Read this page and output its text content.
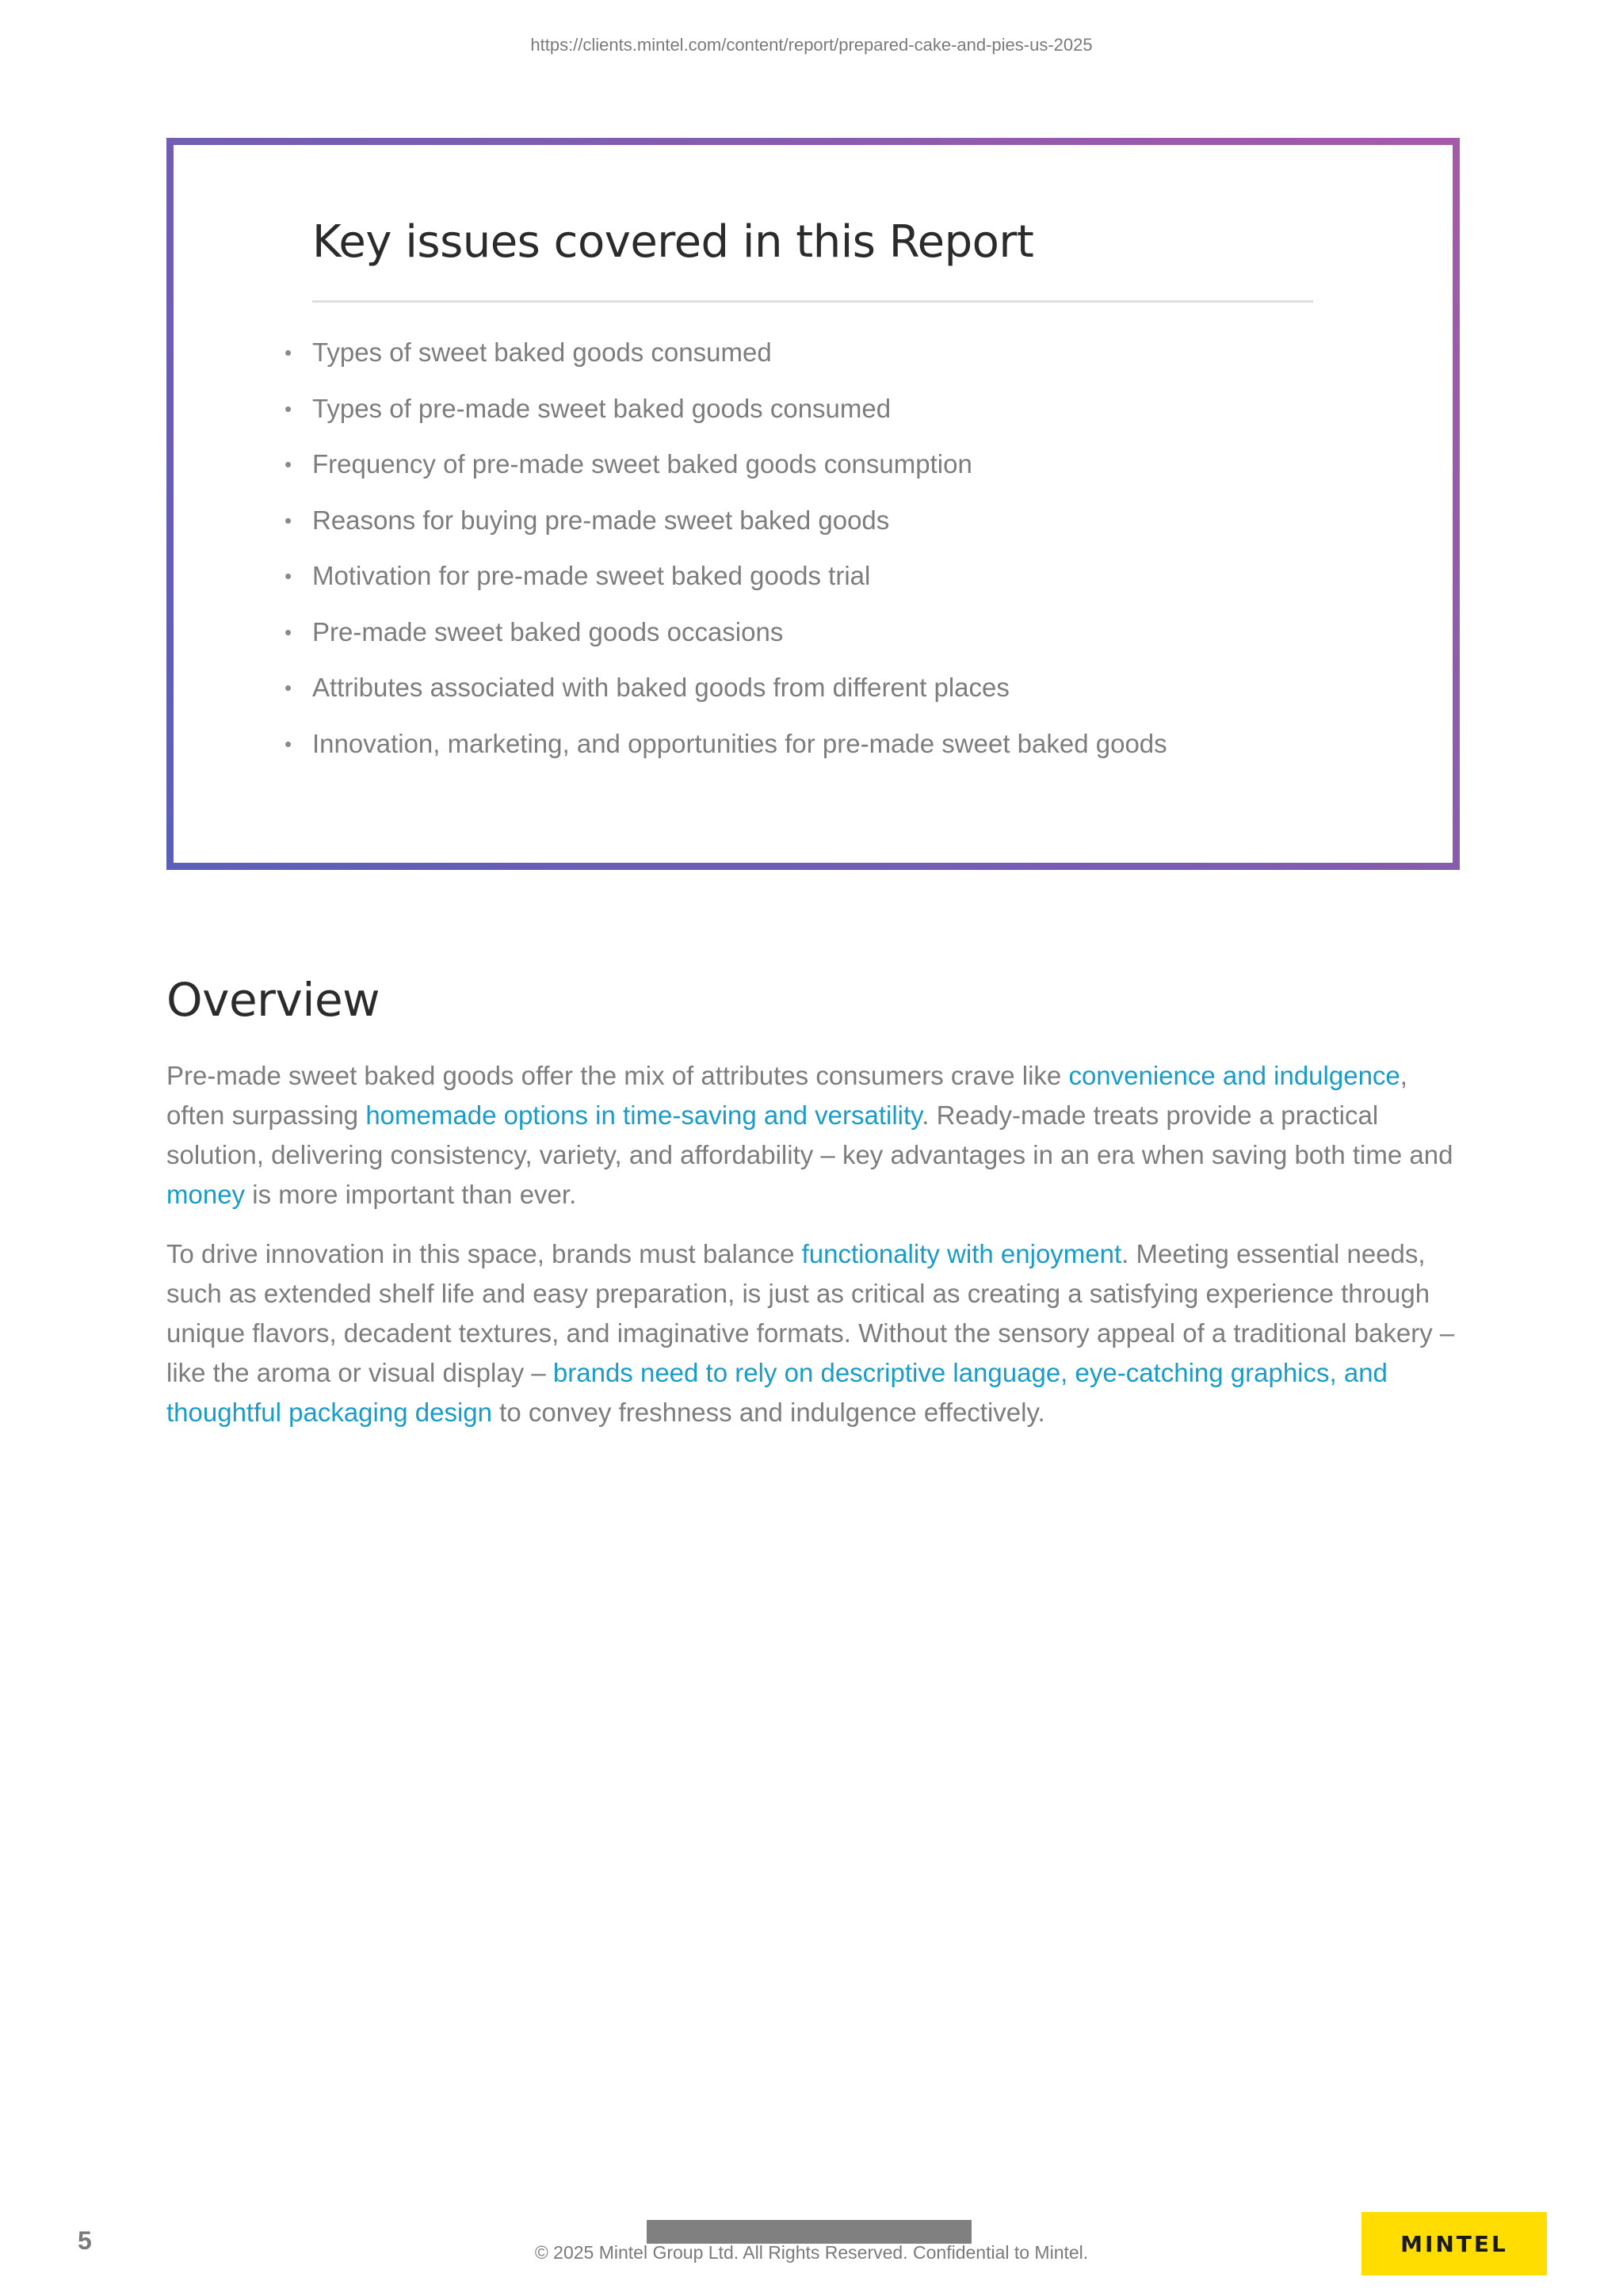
https://clients.mintel.com/content/report/prepared-cake-and-pies-us-2025
Key issues covered in this Report
• Types of sweet baked goods consumed
• Types of pre-made sweet baked goods consumed
• Frequency of pre-made sweet baked goods consumption
• Reasons for buying pre-made sweet baked goods
• Motivation for pre-made sweet baked goods trial
• Pre-made sweet baked goods occasions
• Attributes associated with baked goods from different places
• Innovation, marketing, and opportunities for pre-made sweet baked goods
Overview

Pre-made sweet baked goods offer the mix of attributes consumers crave like convenience and indulgence, often surpassing homemade options in time-saving and versatility. Ready-made treats provide a practical solution, delivering consistency, variety, and affordability – key advantages in an era when saving both time and money is more important than ever.

To drive innovation in this space, brands must balance functionality with enjoyment. Meeting essential needs, such as extended shelf life and easy preparation, is just as critical as creating a satisfying experience through unique flavors, decadent textures, and imaginative formats. Without the sensory appeal of a traditional bakery – like the aroma or visual display – brands need to rely on descriptive language, eye-catching graphics, and thoughtful packaging design to convey freshness and indulgence effectively.

5	© 2025 Mintel Group Ltd. All Rights Reserved. Confidential to Mintel.	MINTEL
